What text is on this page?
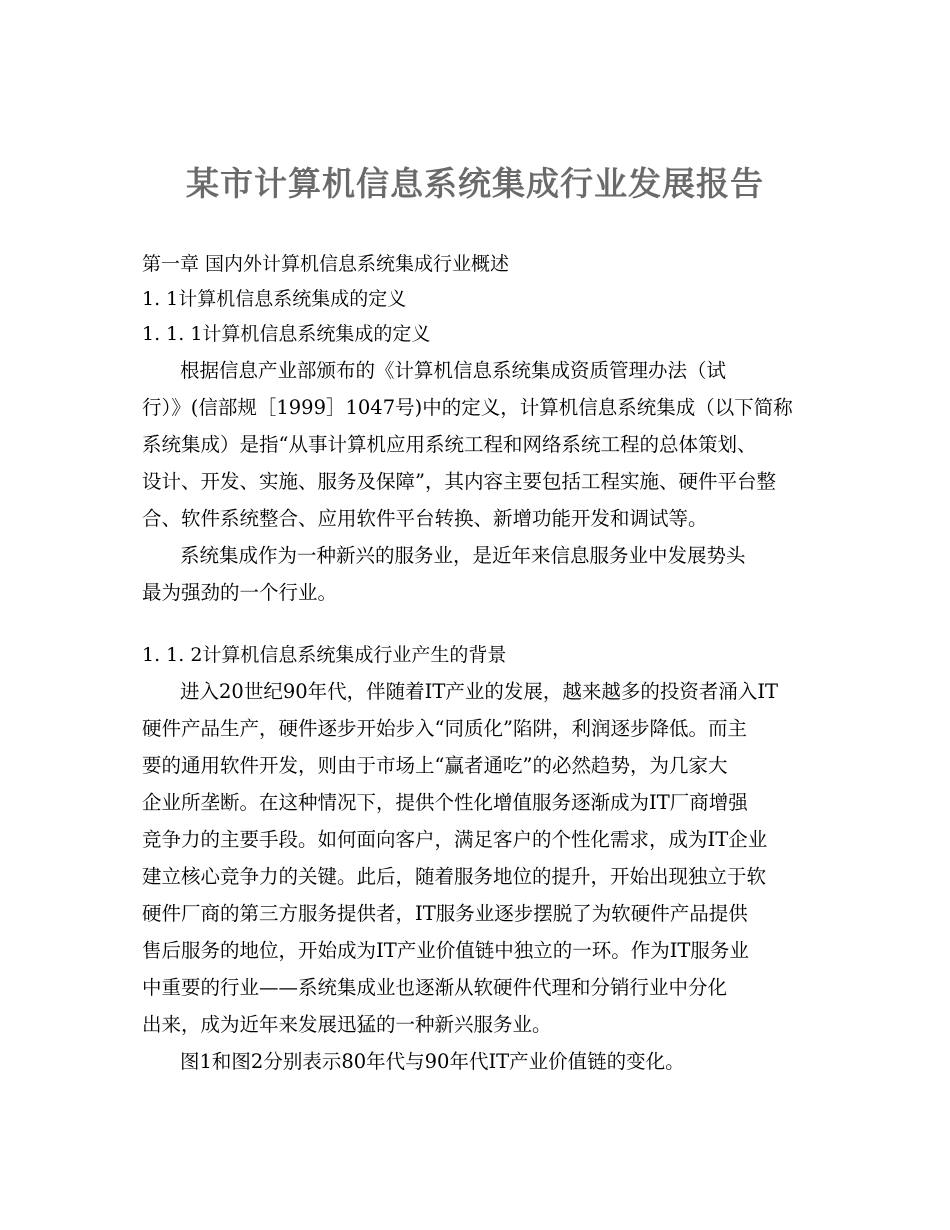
某市计算机信息系统集成行业发展报告
第一章 国内外计算机信息系统集成行业概述
1. 1计算机信息系统集成的定义
1. 1. 1计算机信息系统集成的定义
根据信息产业部颁布的《计算机信息系统集成资质管理办法（试
行）》(信部规［1999］1047号)中的定义，计算机信息系统集成（以下简称
系统集成）是指“从事计算机应用系统工程和网络系统工程的总体策划、
设计、开发、实施、服务及保障”，其内容主要包括工程实施、硬件平台整
合、软件系统整合、应用软件平台转换、新增功能开发和调试等。
系统集成作为一种新兴的服务业，是近年来信息服务业中发展势头
最为强劲的一个行业。
1. 1. 2计算机信息系统集成行业产生的背景
进入20世纪90年代，伴随着IT产业的发展，越来越多的投资者涌入IT
硬件产品生产，硬件逐步开始步入“同质化”陷阱，利润逐步降低。而主
要的通用软件开发，则由于市场上“赢者通吃”的必然趋势，为几家大
企业所垄断。在这种情况下，提供个性化增值服务逐渐成为IT厂商增强
竞争力的主要手段。如何面向客户，满足客户的个性化需求，成为IT企业
建立核心竞争力的关键。此后，随着服务地位的提升，开始出现独立于软
硬件厂商的第三方服务提供者，IT服务业逐步摆脱了为软硬件产品提供
售后服务的地位，开始成为IT产业价值链中独立的一环。作为IT服务业
中重要的行业——系统集成业也逐渐从软硬件代理和分销行业中分化
出来，成为近年来发展迅猛的一种新兴服务业。
图1和图2分别表示80年代与90年代IT产业价值链的变化。
